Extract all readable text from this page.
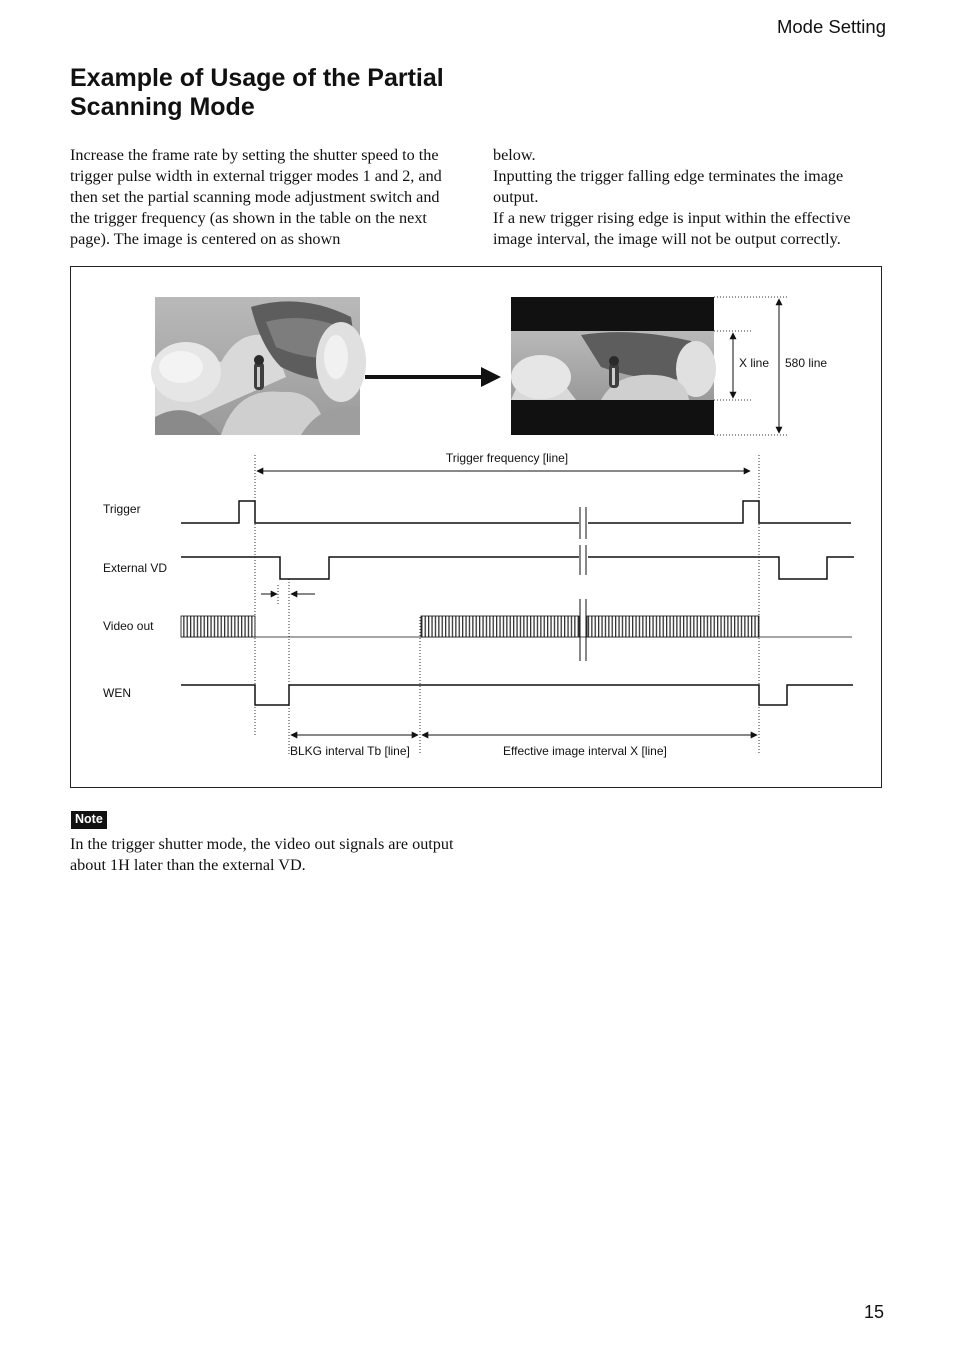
Mode Setting
Example of Usage of the Partial Scanning Mode

Increase the frame rate by setting the shutter speed to the trigger pulse width in external trigger modes 1 and 2, and then set the partial scanning mode adjustment switch and the trigger frequency (as shown in the table on the next page). The image is centered on as shown

below.

Inputting the trigger falling edge terminates the image output.

If a new trigger rising edge is input within the effective image interval, the image will not be output correctly.

X line 580 line
Trigger frequency [line]
Trigger
External VD
Video out
WEN
BLKG interval Tb [line]	Effective image interval X [line]
Note
In the trigger shutter mode, the video out signals are output about 1H later than the external VD.
15
